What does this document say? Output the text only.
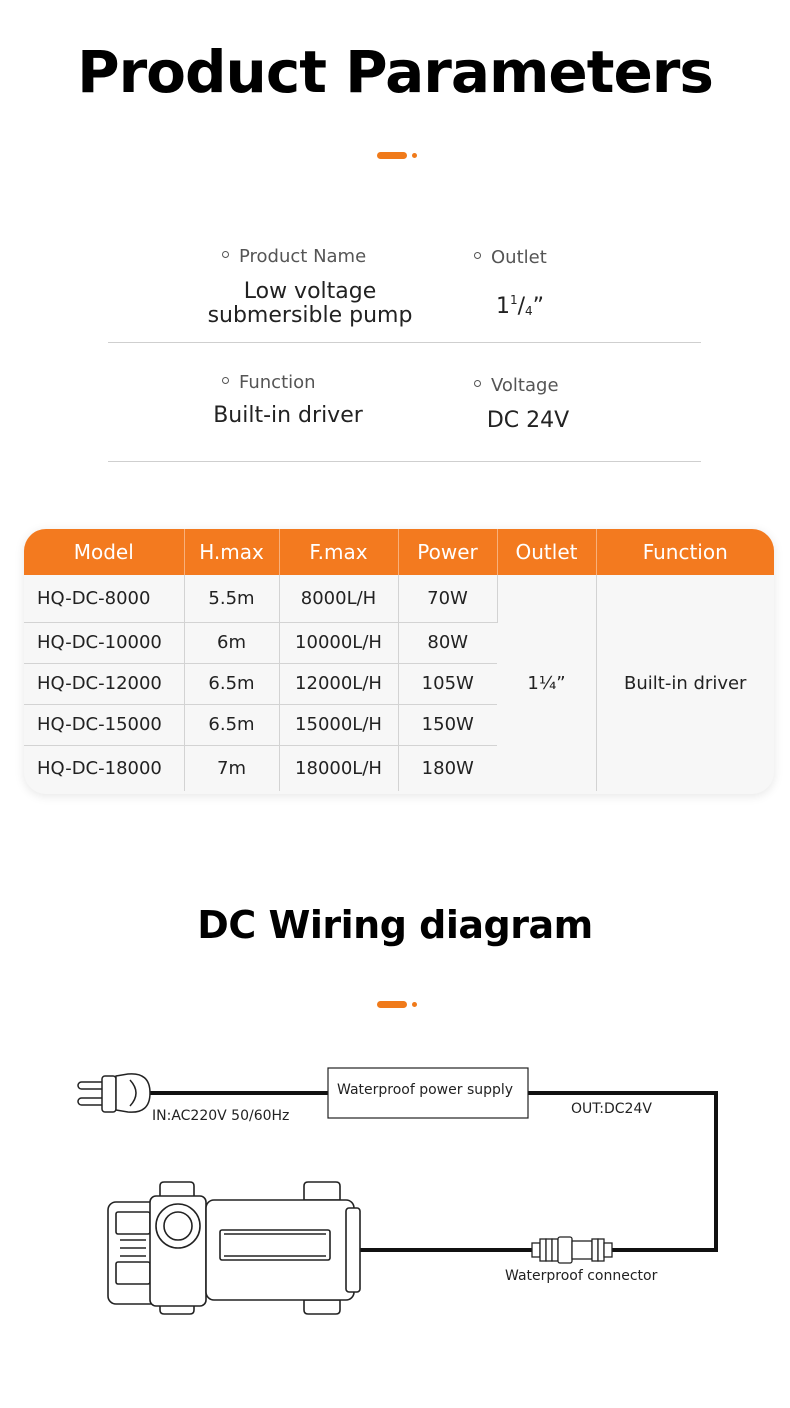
Product Parameters
Product Name	Outlet
Low voltage
submersible pump	$1^1/_4$”
Function	Voltage
Built-in driver	DC 24V
Model	H.max	F.max	Power	Outlet	Function
HQ-DC-8000	5.5m	8000L/H	70W	1¼”	Built-in driver
HQ-DC-10000	6m	10000L/H	80W		
HQ-DC-12000	6.5m	12000L/H	105W		
HQ-DC-15000	6.5m	15000L/H	150W		
HQ-DC-18000	7m	18000L/H	180W		
DC Wiring diagram
Waterproof power supply
IN:AC220V 50/60Hz	OUT:DC24V
Waterproof connector
